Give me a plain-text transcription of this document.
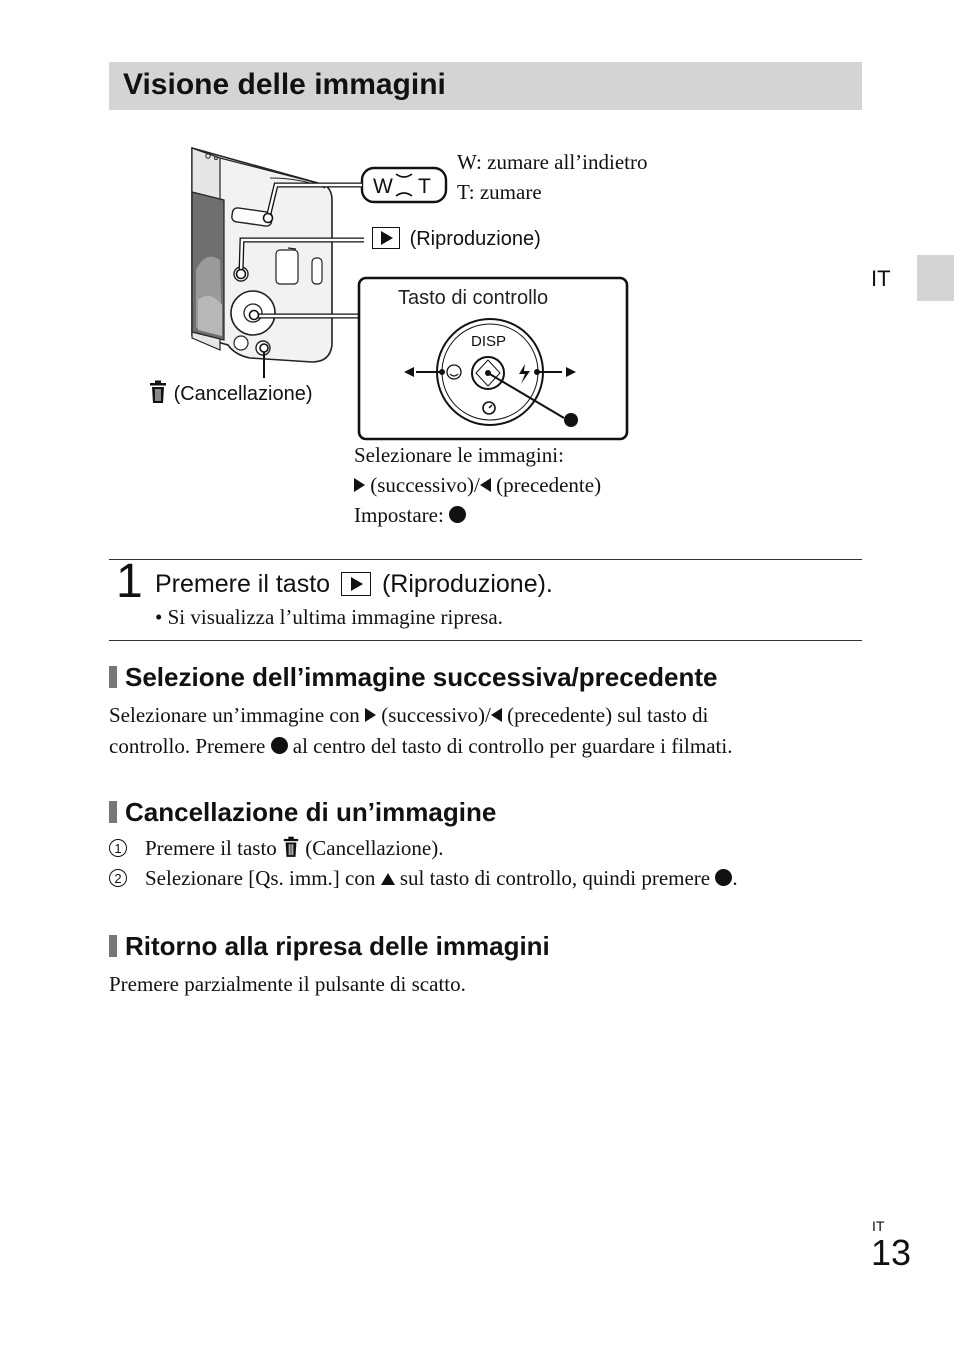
Visione delle immagini
IT
W T
Tasto di controllo
DISP
W: zumare all’indietro
T: zumare
(Riproduzione)
(Cancellazione)
Selezionare le immagini:
(successivo)/ (precedente)
Impostare:
1 Premere il tasto (Riproduzione).
• Si visualizza l’ultima immagine ripresa.
Selezione dell’immagine successiva/precedente
Selezionare un’immagine con (successivo)/ (precedente) sul tasto di
controllo. Premere al centro del tasto di controllo per guardare i filmati.
Cancellazione di un’immagine
1 Premere il tasto (Cancellazione).
2 Selezionare [Qs. imm.] con sul tasto di controllo, quindi premere .
Ritorno alla ripresa delle immagini
Premere parzialmente il pulsante di scatto.
IT
13
